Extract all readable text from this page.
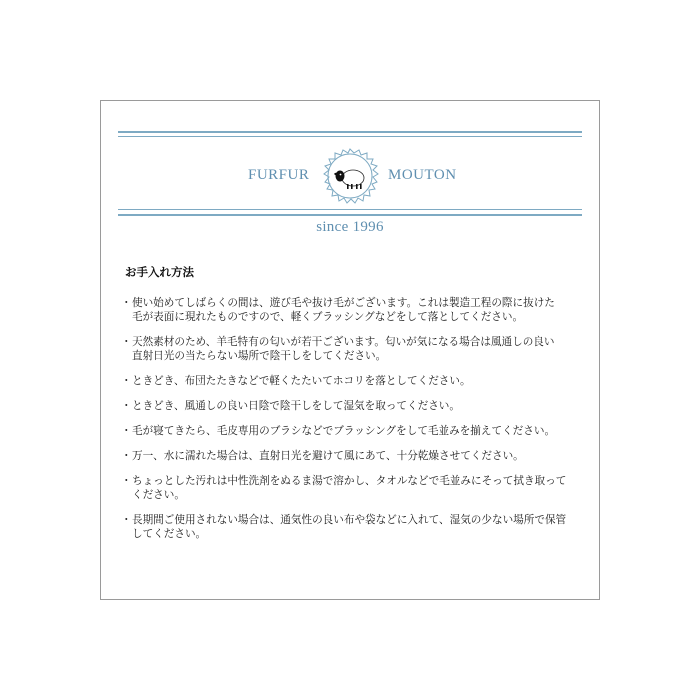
FURFUR	MOUTON
since 1996
お手入れ方法
・ 使い始めてしばらくの間は、遊び毛や抜け毛がございます。これは製造工程の際に抜けた
毛が表面に現れたものですので、軽くブラッシングなどをして落としてください。
・ 天然素材のため、羊毛特有の匂いが若干ございます。匂いが気になる場合は風通しの良い
直射日光の当たらない場所で陰干しをしてください。
・ ときどき、布団たたきなどで軽くたたいてホコリを落としてください。
・ ときどき、風通しの良い日陰で陰干しをして湿気を取ってください。
・ 毛が寝てきたら、毛皮専用のブラシなどでブラッシングをして毛並みを揃えてください。
・ 万一、水に濡れた場合は、直射日光を避けて風にあて、十分乾燥させてください。
・ ちょっとした汚れは中性洗剤をぬるま湯で溶かし、タオルなどで毛並みにそって拭き取って
ください。
・ 長期間ご使用されない場合は、通気性の良い布や袋などに入れて、湿気の少ない場所で保管
してください。
